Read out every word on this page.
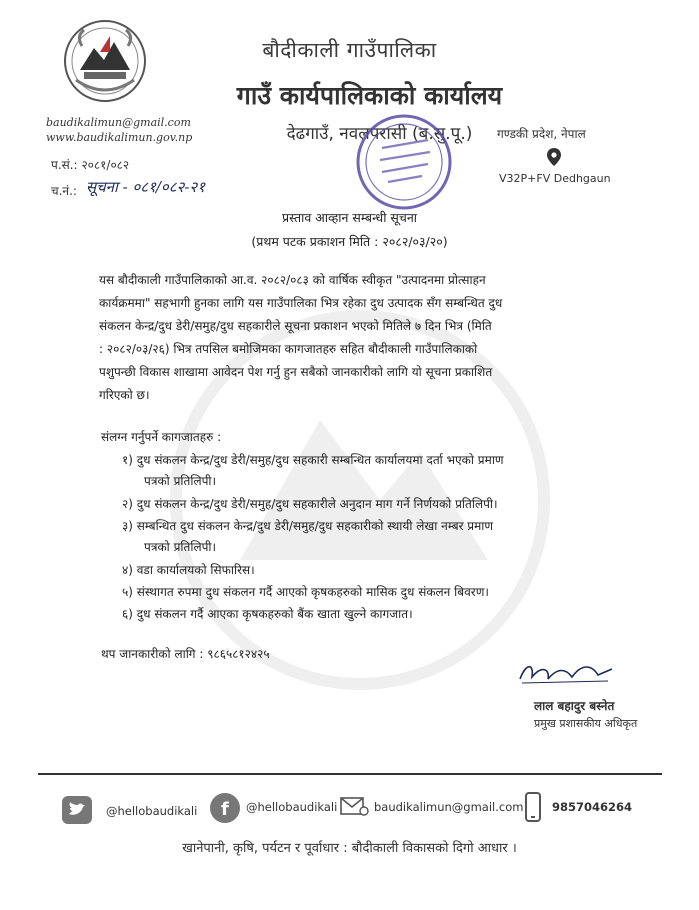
बौदीकाली गाउँपालिका
गाउँ कार्यपालिकाको कार्यालय
देढगाउँ, नवलपरासी (ब.सु.पू.)
baudikalimun@gmail.com
www.baudikalimun.gov.np	गण्डकी प्रदेश, नेपाल
V32P+FV Dedhgaun
प.सं.: २०८१/०८२
च.नं.: सूचना - ०८१/०८२-२१
प्रस्ताव आव्हान सम्बन्धी सूचना
(प्रथम पटक प्रकाशन मिति : २०८२/०३/२०)
यस बौदीकाली गाउँपालिकाको आ.व. २०८२/०८३ को वार्षिक स्वीकृत "उत्पादनमा प्रोत्साहन
कार्यक्रममा" सहभागी हुनका लागि यस गाउँपालिका भित्र रहेका दुध उत्पादक सँग सम्बन्धित दुध
संकलन केन्द्र/दुध डेरी/समुह/दुध सहकारीले सूचना प्रकाशन भएको मितिले ७ दिन भित्र (मिति
: २०८२/०३/२६) भित्र तपसिल बमोजिमका कागजातहरु सहित बौदीकाली गाउँपालिकाको
पशुपन्छी विकास शाखामा आवेदन पेश गर्नु हुन सबैको जानकारीको लागि यो सूचना प्रकाशित
गरिएको छ।
संलग्न गर्नुपर्ने कागजातहरु :
१) दुध संकलन केन्द्र/दुध डेरी/समुह/दुध सहकारी सम्बन्धित कार्यालयमा दर्ता भएको प्रमाण
पत्रको प्रतिलिपी।
२) दुध संकलन केन्द्र/दुध डेरी/समुह/दुध सहकारीले अनुदान माग गर्ने निर्णयको प्रतिलिपी।
३) सम्बन्धित दुध संकलन केन्द्र/दुध डेरी/समुह/दुध सहकारीको स्थायी लेखा नम्बर प्रमाण
पत्रको प्रतिलिपी।
४) वडा कार्यालयको सिफारिस।
५) संस्थागत रुपमा दुध संकलन गर्दै आएको कृषकहरुको मासिक दुध संकलन बिवरण।
६) दुध संकलन गर्दै आएका कृषकहरुको बैंक खाता खुल्ने कागजात।
थप जानकारीको लागि : ९८६५८१२४२५
लाल बहादुर बस्नेत
प्रमुख प्रशासकीय अधिकृत
@hellobaudikali f @hellobaudikali	baudikalimun@gmail.com 9857046264
खानेपानी, कृषि, पर्यटन र पूर्वाधार : बौदीकाली विकासको दिगो आधार ।
